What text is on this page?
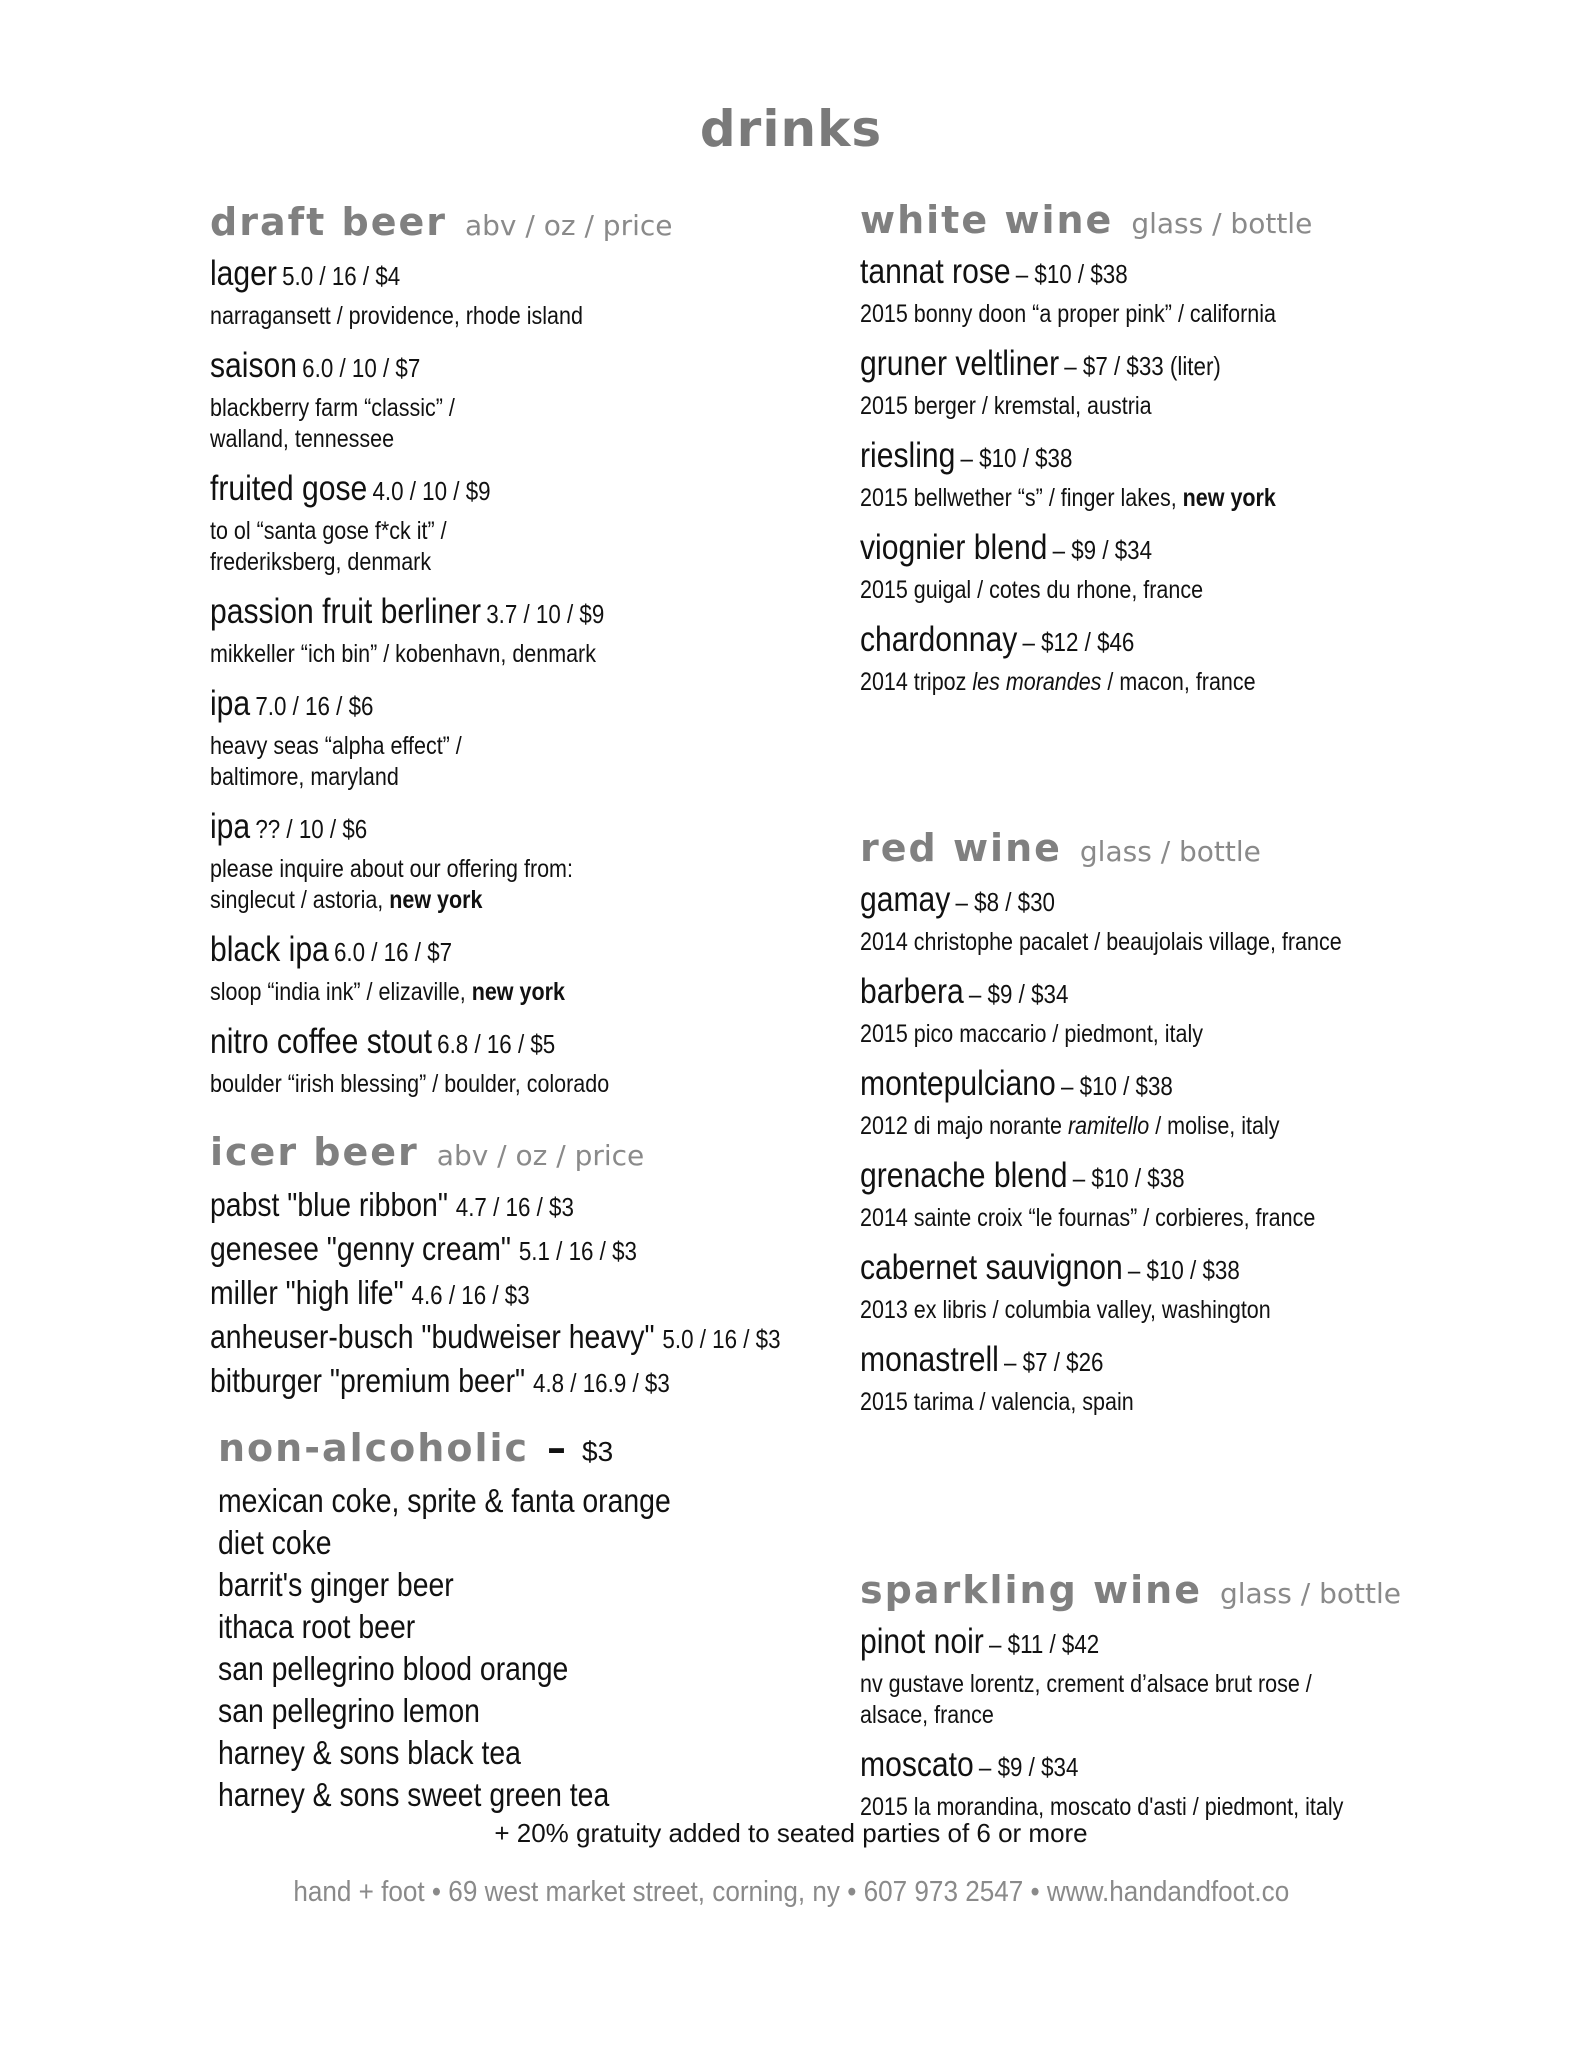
drinks
draft beer abv / oz / price
lager 5.0 / 16 / $4
narragansett / providence, rhode island
saison 6.0 / 10 / $7
blackberry farm “classic” /
walland, tennessee
fruited gose 4.0 / 10 / $9
to ol “santa gose f*ck it” /
frederiksberg, denmark
passion fruit berliner 3.7 / 10 / $9
mikkeller “ich bin” / kobenhavn, denmark
ipa 7.0 / 16 / $6
heavy seas “alpha effect” /
baltimore, maryland
ipa ?? / 10 / $6
please inquire about our offering from:
singlecut / astoria, new york
black ipa 6.0 / 16 / $7
sloop “india ink” / elizaville, new york
nitro coffee stout 6.8 / 16 / $5
boulder “irish blessing” / boulder, colorado
icer beer abv / oz / price
pabst "blue ribbon" 4.7 / 16 / $3
genesee "genny cream" 5.1 / 16 / $3
miller "high life" 4.6 / 16 / $3
anheuser-busch "budweiser heavy" 5.0 / 16 / $3
bitburger "premium beer" 4.8 / 16.9 / $3
non-alcoholic – $3
mexican coke, sprite & fanta orange
diet coke
barrit's ginger beer
ithaca root beer
san pellegrino blood orange
san pellegrino lemon
harney & sons black tea
harney & sons sweet green tea
white wine glass / bottle
tannat rose – $10 / $38
2015 bonny doon “a proper pink” / california
gruner veltliner – $7 / $33 (liter)
2015 berger / kremstal, austria
riesling – $10 / $38
2015 bellwether “s” / finger lakes, new york
viognier blend – $9 / $34
2015 guigal / cotes du rhone, france
chardonnay – $12 / $46
2014 tripoz les morandes / macon, france
red wine glass / bottle
gamay – $8 / $30
2014 christophe pacalet / beaujolais village, france
barbera – $9 / $34
2015 pico maccario / piedmont, italy
montepulciano – $10 / $38
2012 di majo norante ramitello / molise, italy
grenache blend – $10 / $38
2014 sainte croix “le fournas” / corbieres, france
cabernet sauvignon – $10 / $38
2013 ex libris / columbia valley, washington
monastrell – $7 / $26
2015 tarima / valencia, spain
sparkling wine glass / bottle
pinot noir – $11 / $42
nv gustave lorentz, crement d’alsace brut rose /
alsace, france
moscato – $9 / $34
2015 la morandina, moscato d'asti / piedmont, italy
+ 20% gratuity added to seated parties of 6 or more
hand + foot • 69 west market street, corning, ny • 607 973 2547 • www.handandfoot.co
